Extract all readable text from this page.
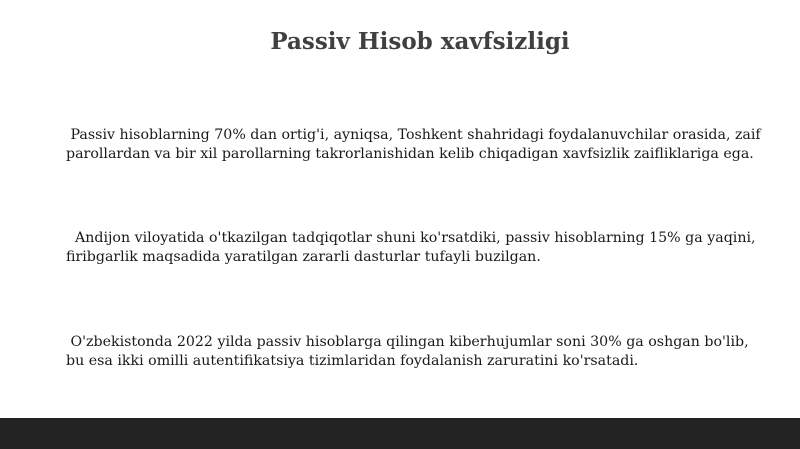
Passiv Hisob xavfsizligi

Passiv hisoblarning 70% dan ortig'i, ayniqsa, Toshkent shahridagi foydalanuvchilar orasida, zaif parollardan va bir xil parollarning takrorlanishidan kelib chiqadigan xavfsizlik zaifliklariga ega.

Andijon viloyatida o'tkazilgan tadqiqotlar shuni ko'rsatdiki, passiv hisoblarning 15% ga yaqini, firibgarlik maqsadida yaratilgan zararli dasturlar tufayli buzilgan.

O'zbekistonda 2022 yilda passiv hisoblarga qilingan kiberhujumlar soni 30% ga oshgan bo'lib, bu esa ikki omilli autentifikatsiya tizimlaridan foydalanish zaruratini ko'rsatadi.
